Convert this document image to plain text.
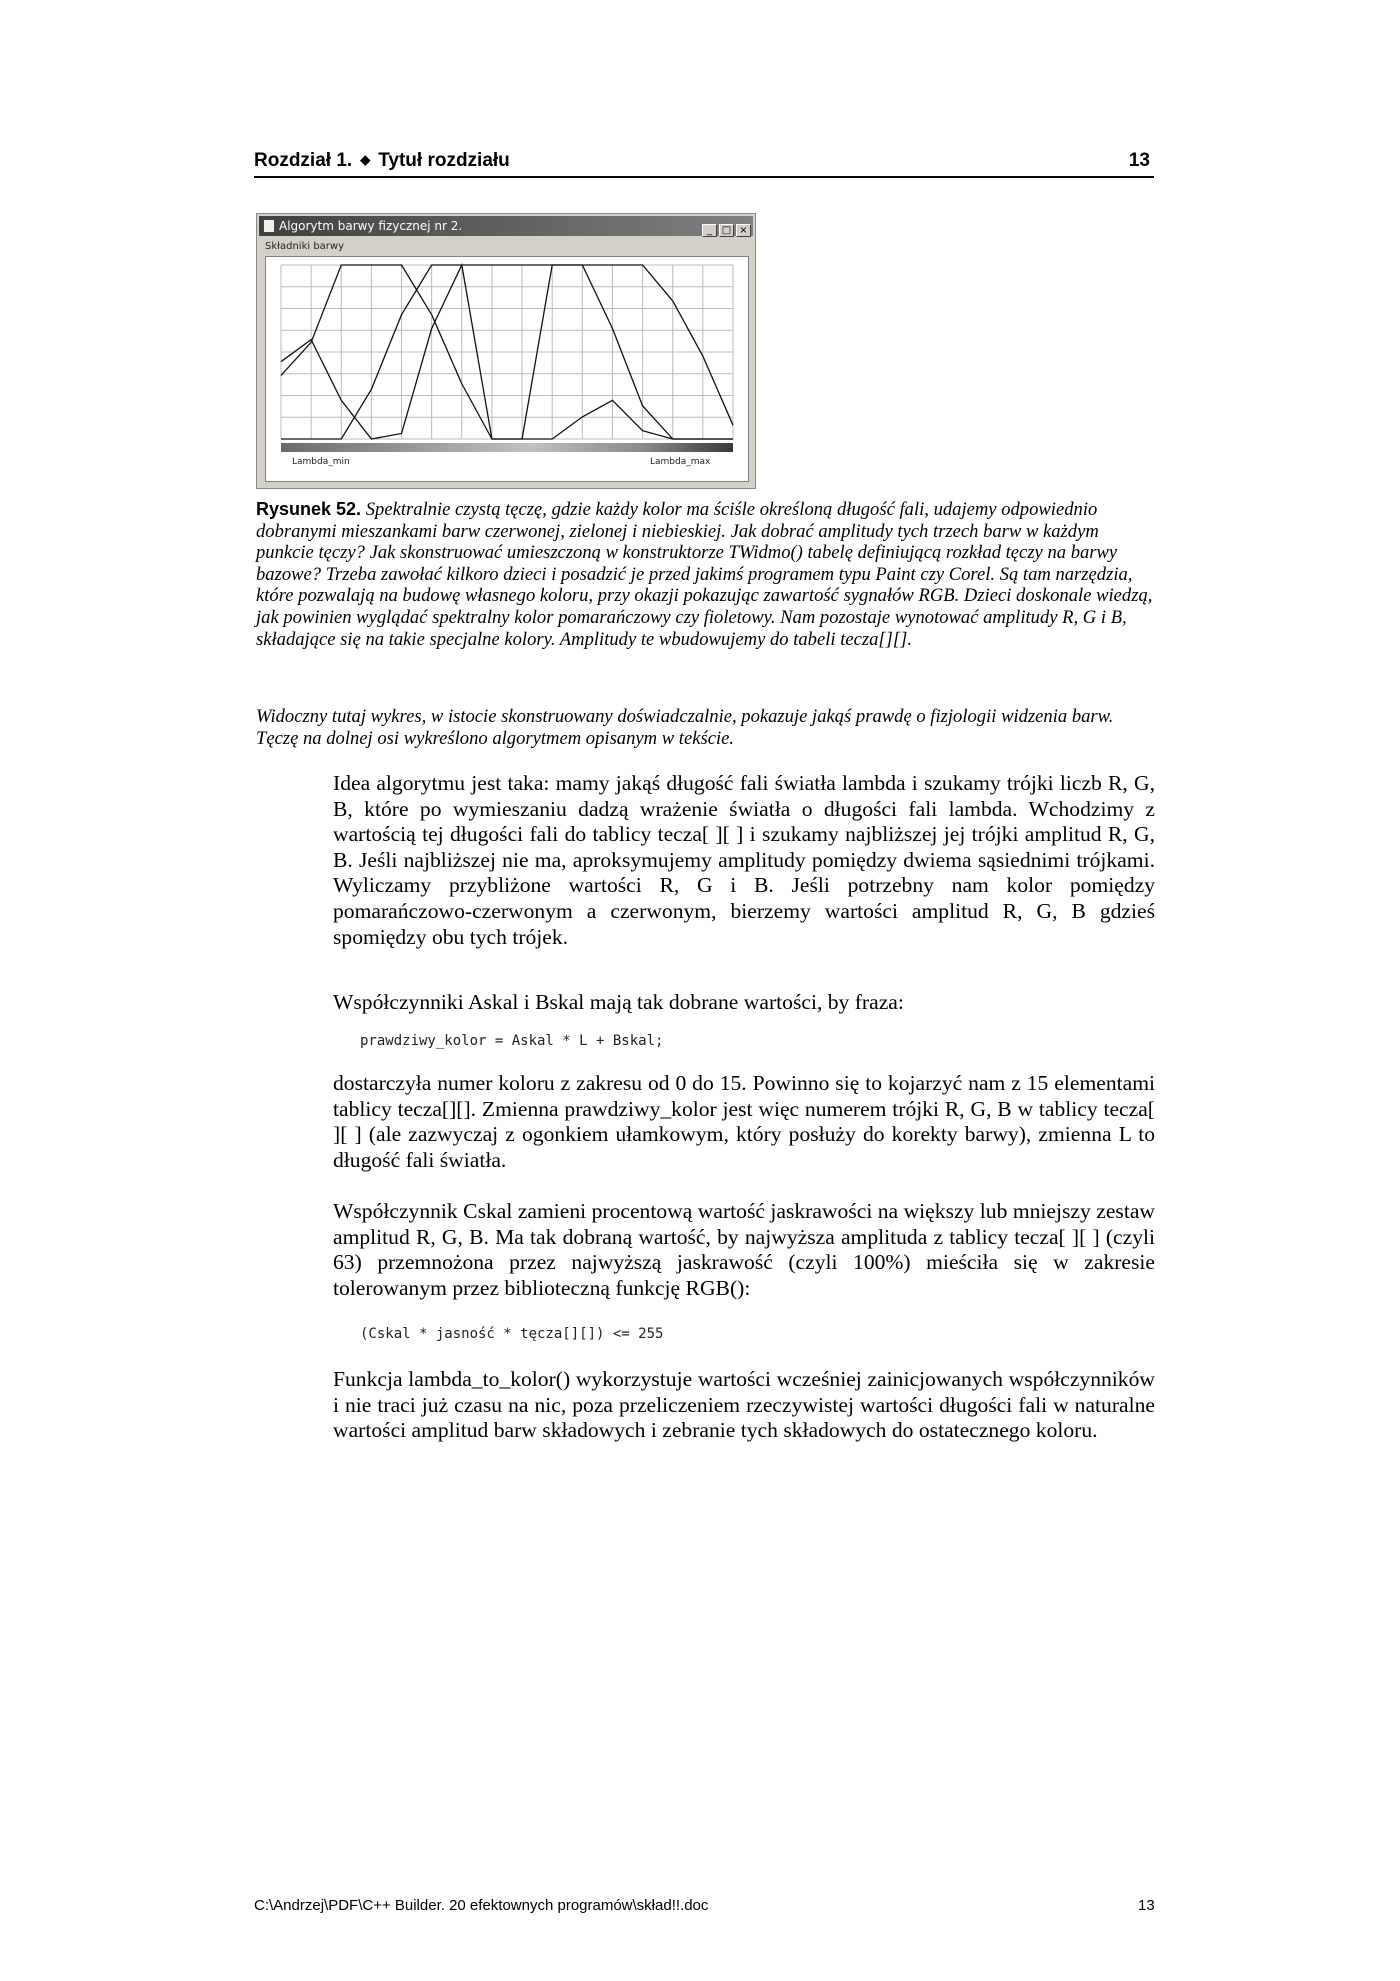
Rozdział 1. ◆ Tytuł rozdziału	13
Algorytm barwy fizycznej nr 2.	_ □ ×
Składniki barwy
Lambda_min	Lambda_max
Rysunek 52. Spektralnie czystą tęczę, gdzie każdy kolor ma ściśle określoną długość fali, udajemy odpowiednio dobranymi mieszankami barw czerwonej, zielonej i niebieskiej. Jak dobrać amplitudy tych trzech barw w każdym punkcie tęczy? Jak skonstruować umieszczoną w konstruktorze TWidmo() tabelę definiującą rozkład tęczy na barwy bazowe? Trzeba zawołać kilkoro dzieci i posadzić je przed jakimś programem typu Paint czy Corel. Są tam narzędzia, które pozwalają na budowę własnego koloru, przy okazji pokazując zawartość sygnałów RGB. Dzieci doskonale wiedzą, jak powinien wyglądać spektralny kolor pomarańczowy czy fioletowy. Nam pozostaje wynotować amplitudy R, G i B, składające się na takie specjalne kolory. Amplitudy te wbudowujemy do tabeli tecza[][].
Widoczny tutaj wykres, w istocie skonstruowany doświadczalnie, pokazuje jakąś prawdę o fizjologii widzenia barw. Tęczę na dolnej osi wykreślono algorytmem opisanym w tekście.
Idea algorytmu jest taka: mamy jakąś długość fali światła lambda i szukamy trójki liczb R, G, B, które po wymieszaniu dadzą wrażenie światła o długości fali lambda. Wchodzimy z wartością tej długości fali do tablicy tecza[ ][ ] i szukamy najbliższej jej trójki amplitud R, G, B. Jeśli najbliższej nie ma, aproksymujemy amplitudy pomiędzy dwiema sąsiednimi trójkami. Wyliczamy przybliżone wartości R, G i B. Jeśli potrzebny nam kolor pomiędzy pomarańczowo-czerwonym a czerwonym, bierzemy wartości amplitud R, G, B gdzieś spomiędzy obu tych trójek.
Współczynniki Askal i Bskal mają tak dobrane wartości, by fraza:
prawdziwy_kolor = Askal * L + Bskal;
dostarczyła numer koloru z zakresu od 0 do 15. Powinno się to kojarzyć nam z 15 elementami tablicy tecza[][]. Zmienna prawdziwy_kolor jest więc numerem trójki R, G, B w tablicy tecza[ ][ ] (ale zazwyczaj z ogonkiem ułamkowym, który posłuży do korekty barwy), zmienna L to długość fali światła.
Współczynnik Cskal zamieni procentową wartość jaskrawości na większy lub mniejszy zestaw amplitud R, G, B. Ma tak dobraną wartość, by najwyższa amplituda z tablicy tecza[ ][ ] (czyli 63) przemnożona przez najwyższą jaskrawość (czyli 100%) mieściła się w zakresie tolerowanym przez biblioteczną funkcję RGB():
(Cskal * jasność * tęcza[][]) <= 255
Funkcja lambda_to_kolor() wykorzystuje wartości wcześniej zainicjowanych współczynników i nie traci już czasu na nic, poza przeliczeniem rzeczywistej wartości długości fali w naturalne wartości amplitud barw składowych i zebranie tych składowych do ostatecznego koloru.
C:\Andrzej\PDF\C++ Builder. 20 efektownych programów\skład!!.doc	13
